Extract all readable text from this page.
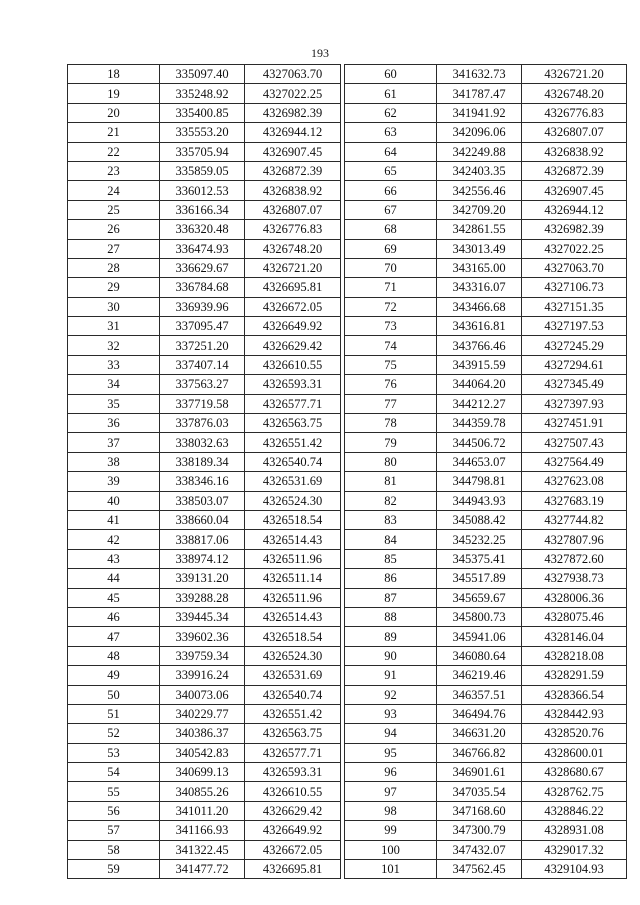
193
18	335097.40	4327063.70		60	341632.73	4326721.20
19	335248.92	4327022.25		61	341787.47	4326748.20
20	335400.85	4326982.39		62	341941.92	4326776.83
21	335553.20	4326944.12		63	342096.06	4326807.07
22	335705.94	4326907.45		64	342249.88	4326838.92
23	335859.05	4326872.39		65	342403.35	4326872.39
24	336012.53	4326838.92		66	342556.46	4326907.45
25	336166.34	4326807.07		67	342709.20	4326944.12
26	336320.48	4326776.83		68	342861.55	4326982.39
27	336474.93	4326748.20		69	343013.49	4327022.25
28	336629.67	4326721.20		70	343165.00	4327063.70
29	336784.68	4326695.81		71	343316.07	4327106.73
30	336939.96	4326672.05		72	343466.68	4327151.35
31	337095.47	4326649.92		73	343616.81	4327197.53
32	337251.20	4326629.42		74	343766.46	4327245.29
33	337407.14	4326610.55		75	343915.59	4327294.61
34	337563.27	4326593.31		76	344064.20	4327345.49
35	337719.58	4326577.71		77	344212.27	4327397.93
36	337876.03	4326563.75		78	344359.78	4327451.91
37	338032.63	4326551.42		79	344506.72	4327507.43
38	338189.34	4326540.74		80	344653.07	4327564.49
39	338346.16	4326531.69		81	344798.81	4327623.08
40	338503.07	4326524.30		82	344943.93	4327683.19
41	338660.04	4326518.54		83	345088.42	4327744.82
42	338817.06	4326514.43		84	345232.25	4327807.96
43	338974.12	4326511.96		85	345375.41	4327872.60
44	339131.20	4326511.14		86	345517.89	4327938.73
45	339288.28	4326511.96		87	345659.67	4328006.36
46	339445.34	4326514.43		88	345800.73	4328075.46
47	339602.36	4326518.54		89	345941.06	4328146.04
48	339759.34	4326524.30		90	346080.64	4328218.08
49	339916.24	4326531.69		91	346219.46	4328291.59
50	340073.06	4326540.74		92	346357.51	4328366.54
51	340229.77	4326551.42		93	346494.76	4328442.93
52	340386.37	4326563.75		94	346631.20	4328520.76
53	340542.83	4326577.71		95	346766.82	4328600.01
54	340699.13	4326593.31		96	346901.61	4328680.67
55	340855.26	4326610.55		97	347035.54	4328762.75
56	341011.20	4326629.42		98	347168.60	4328846.22
57	341166.93	4326649.92		99	347300.79	4328931.08
58	341322.45	4326672.05		100	347432.07	4329017.32
59	341477.72	4326695.81		101	347562.45	4329104.93
